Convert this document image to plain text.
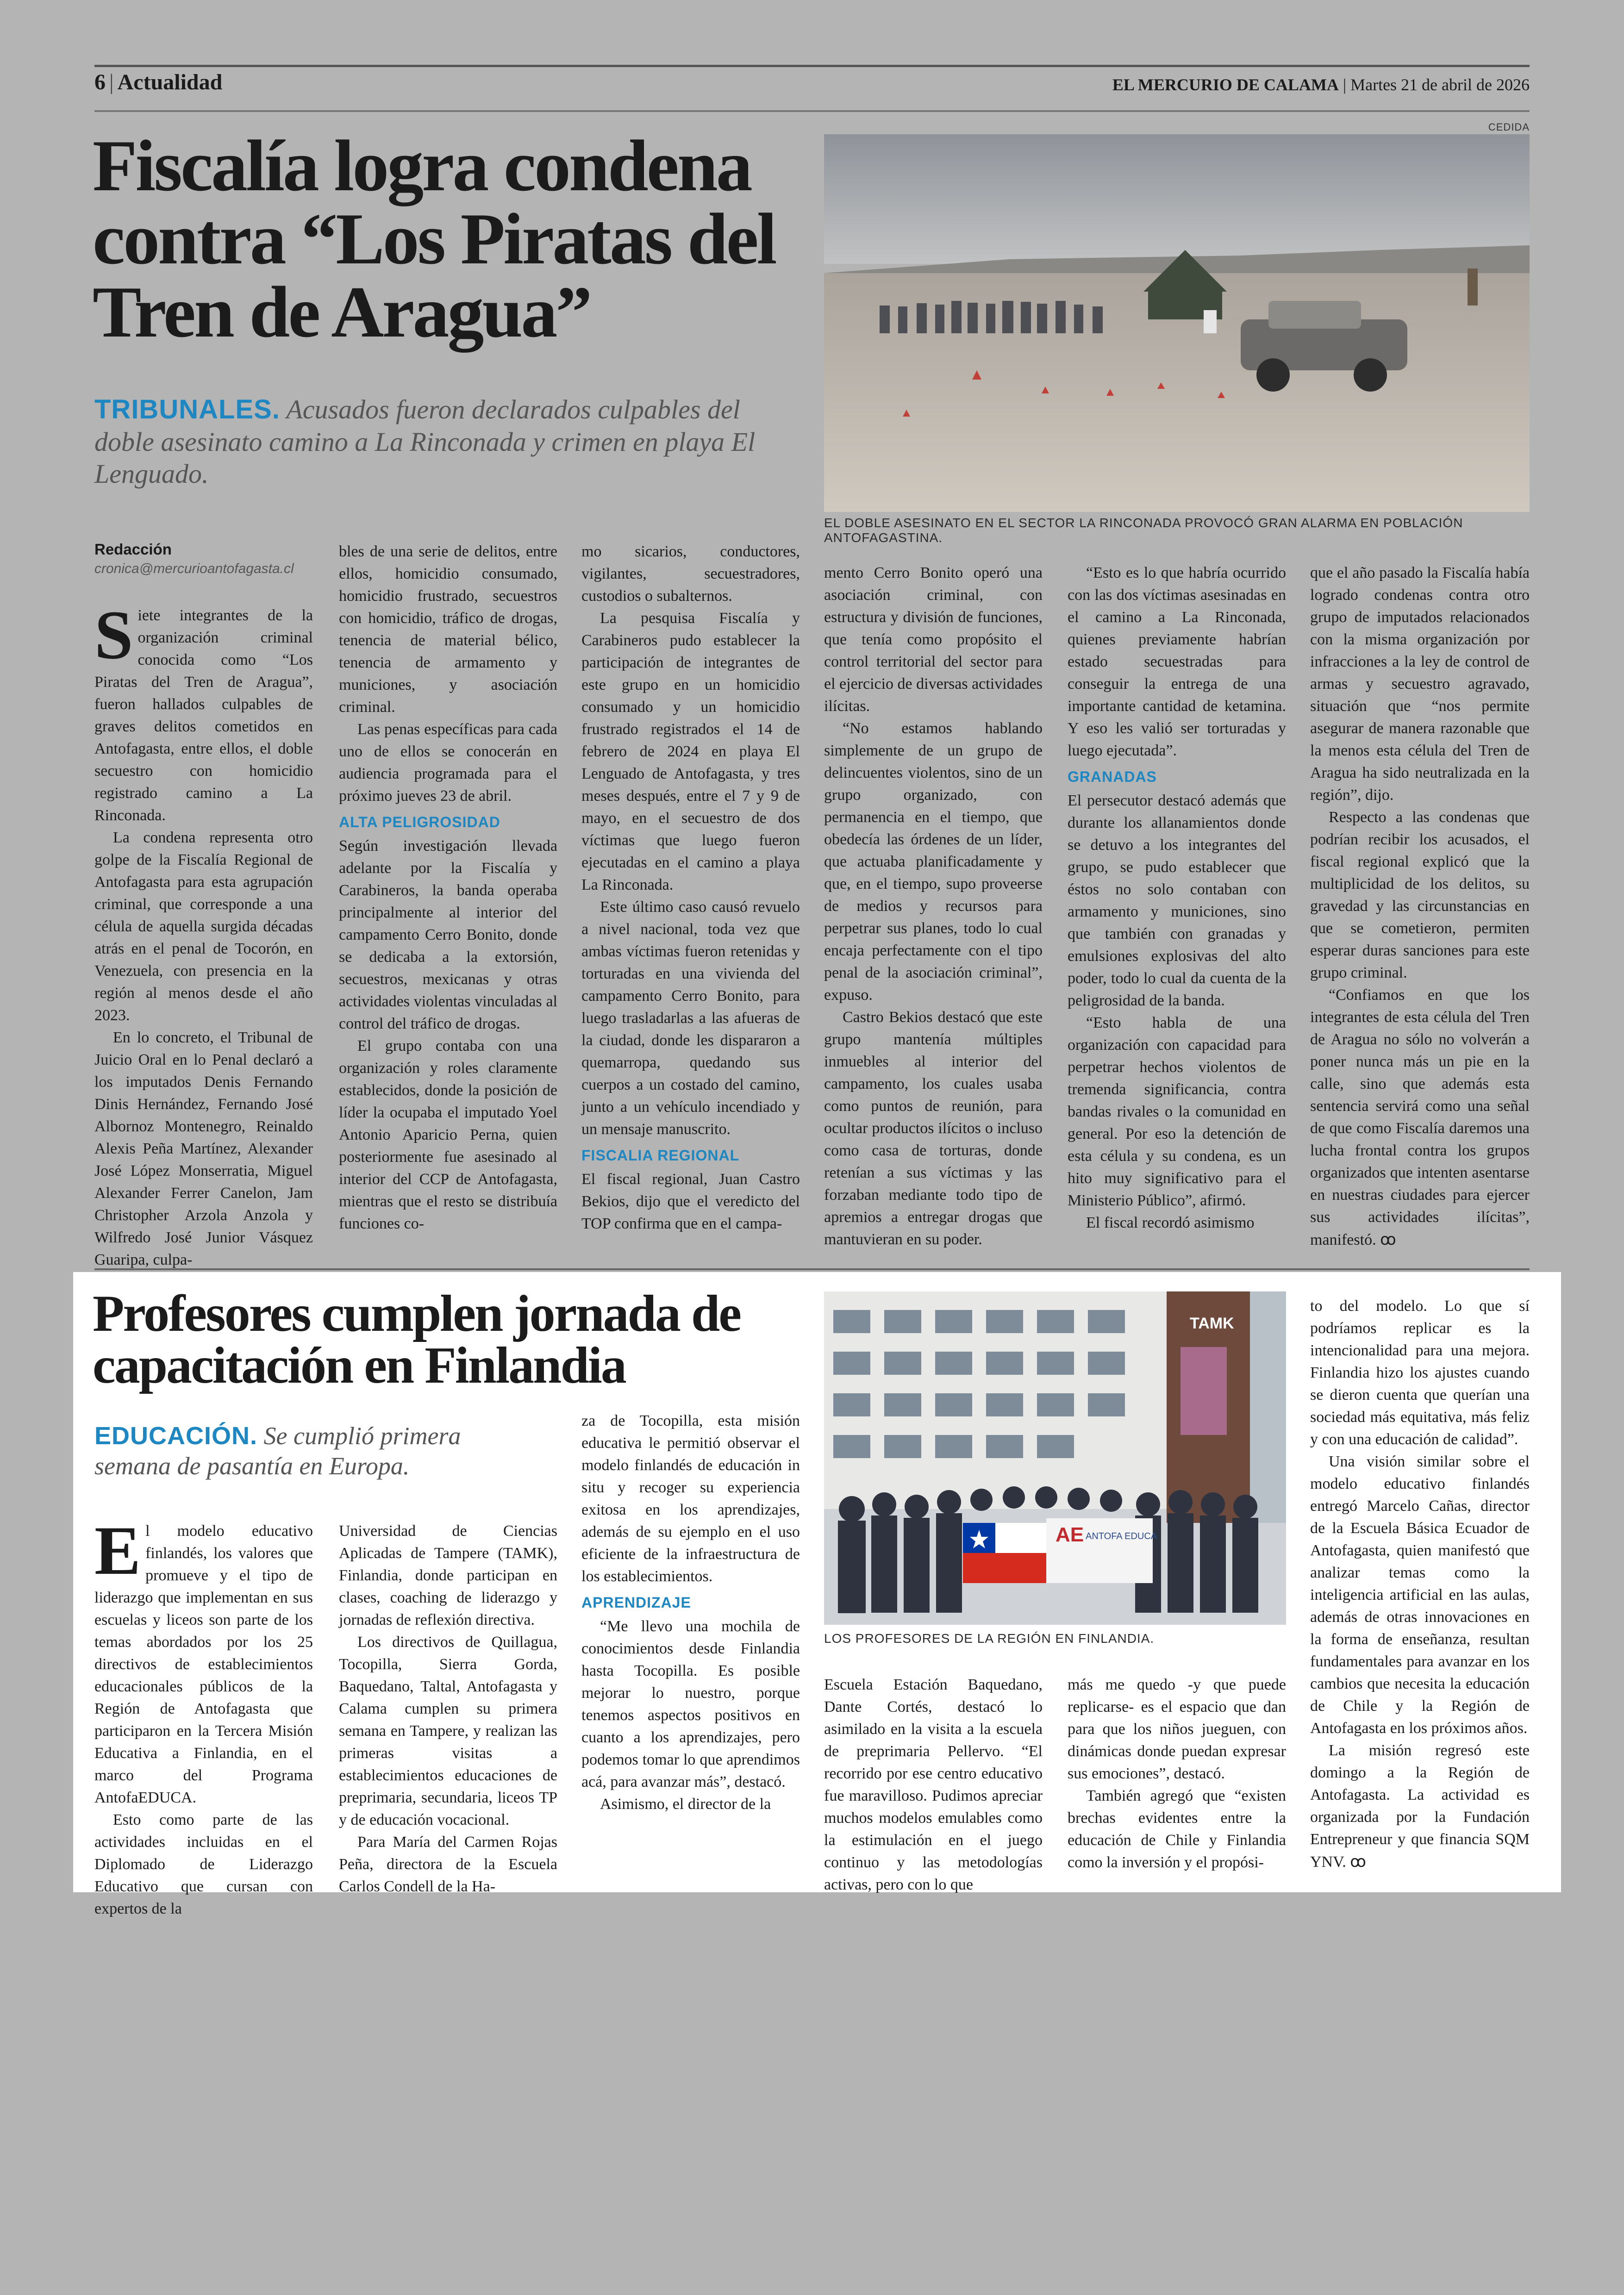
6 | Actualidad	EL MERCURIO DE CALAMA | Martes 21 de abril de 2026
Fiscalía logra condena contra “Los Piratas del Tren de Aragua”
TRIBUNALES. Acusados fueron declarados culpables del doble asesinato camino a La Rinconada y crimen en playa El Lenguado.
CEDIDA
EL DOBLE ASESINATO EN EL SECTOR LA RINCONADA PROVOCÓ GRAN ALARMA EN POBLACIÓN ANTOFAGASTINA.
Redacción
cronica@mercurioantofagasta.cl

Siete integrantes de la organización criminal conocida como “Los Piratas del Tren de Aragua”, fueron hallados culpables de graves delitos cometidos en Antofagasta, entre ellos, el doble secuestro con homicidio registrado camino a La Rinconada.

La condena representa otro golpe de la Fiscalía Regional de Antofagasta para esta agrupación criminal, que corresponde a una célula de aquella surgida décadas atrás en el penal de Tocorón, en Venezuela, con presencia en la región al menos desde el año 2023.

En lo concreto, el Tribunal de Juicio Oral en lo Penal declaró a los imputados Denis Fernando Dinis Hernández, Fernando José Albornoz Montenegro, Reinaldo Alexis Peña Martínez, Alexander José López Monserratia, Miguel Alexander Ferrer Canelon, Jam Christopher Arzola Anzola y Wilfredo José Junior Vásquez Guaripa, culpa-

bles de una serie de delitos, entre ellos, homicidio consumado, homicidio frustrado, secuestros con homicidio, tráfico de drogas, tenencia de material bélico, tenencia de armamento y municiones, y asociación criminal.

Las penas específicas para cada uno de ellos se conocerán en audiencia programada para el próximo jueves 23 de abril.

ALTA PELIGROSIDAD

Según investigación llevada adelante por la Fiscalía y Carabineros, la banda operaba principalmente al interior del campamento Cerro Bonito, donde se dedicaba a la extorsión, secuestros, mexicanas y otras actividades violentas vinculadas al control del tráfico de drogas.

El grupo contaba con una organización y roles claramente establecidos, donde la posición de líder la ocupaba el imputado Yoel Antonio Aparicio Perna, quien posteriormente fue asesinado al interior del CCP de Antofagasta, mientras que el resto se distribuía funciones co-

mo sicarios, conductores, vigilantes, secuestradores, custodios o subalternos.

La pesquisa Fiscalía y Carabineros pudo establecer la participación de integrantes de este grupo en un homicidio consumado y un homicidio frustrado registrados el 14 de febrero de 2024 en playa El Lenguado de Antofagasta, y tres meses después, entre el 7 y 9 de mayo, en el secuestro de dos víctimas que luego fueron ejecutadas en el camino a playa La Rinconada.

Este último caso causó revuelo a nivel nacional, toda vez que ambas víctimas fueron retenidas y torturadas en una vivienda del campamento Cerro Bonito, para luego trasladarlas a las afueras de la ciudad, donde les dispararon a quemarropa, quedando sus cuerpos a un costado del camino, junto a un vehículo incendiado y un mensaje manuscrito.

FISCALIA REGIONAL

El fiscal regional, Juan Castro Bekios, dijo que el veredicto del TOP confirma que en el campa-

mento Cerro Bonito operó una asociación criminal, con estructura y división de funciones, que tenía como propósito el control territorial del sector para el ejercicio de diversas actividades ilícitas.

“No estamos hablando simplemente de un grupo de delincuentes violentos, sino de un grupo organizado, con permanencia en el tiempo, que obedecía las órdenes de un líder, que actuaba planificadamente y que, en el tiempo, supo proveerse de medios y recursos para perpetrar sus planes, todo lo cual encaja perfectamente con el tipo penal de la asociación criminal”, expuso.

Castro Bekios destacó que este grupo mantenía múltiples inmuebles al interior del campamento, los cuales usaba como puntos de reunión, para ocultar productos ilícitos o incluso como casa de torturas, donde retenían a sus víctimas y las forzaban mediante todo tipo de apremios a entregar drogas que mantuvieran en su poder.

“Esto es lo que habría ocurrido con las dos víctimas asesinadas en el camino a La Rinconada, quienes previamente habrían estado secuestradas para conseguir la entrega de una importante cantidad de ketamina. Y eso les valió ser torturadas y luego ejecutada”.

GRANADAS

El persecutor destacó además que durante los allanamientos donde se detuvo a los integrantes del grupo, se pudo establecer que éstos no solo contaban con armamento y municiones, sino que también con granadas y emulsiones explosivas del alto poder, todo lo cual da cuenta de la peligrosidad de la banda.

“Esto habla de una organización con capacidad para perpetrar hechos violentos de tremenda significancia, contra bandas rivales o la comunidad en general. Por eso la detención de esta célula y su condena, es un hito muy significativo para el Ministerio Público”, afirmó.

El fiscal recordó asimismo

que el año pasado la Fiscalía había logrado condenas contra otro grupo de imputados relacionados con la misma organización por infracciones a la ley de control de armas y secuestro agravado, situación que “nos permite asegurar de manera razonable que la menos esta célula del Tren de Aragua ha sido neutralizada en la región”, dijo.

Respecto a las condenas que podrían recibir los acusados, el fiscal regional explicó que la multiplicidad de los delitos, su gravedad y las circunstancias en que se cometieron, permiten esperar duras sanciones para este grupo criminal.

“Confiamos en que los integrantes de esta célula del Tren de Aragua no sólo no volverán a poner nunca más un pie en la calle, sino que además esta sentencia servirá como una señal de que como Fiscalía daremos una lucha frontal contra los grupos organizados que intenten asentarse en nuestras ciudades para ejercer sus actividades ilícitas”, manifestó. ꝏ

Profesores cumplen jornada de capacitación en Finlandia
EDUCACIÓN. Se cumplió primera semana de pasantía en Europa.
TAMK
AE ANTOFA EDUCA
LOS PROFESORES DE LA REGIÓN EN FINLANDIA.

El modelo educativo finlandés, los valores que promueve y el tipo de liderazgo que implementan en sus escuelas y liceos son parte de los temas abordados por los 25 directivos de establecimientos educacionales públicos de la Región de Antofagasta que participaron en la Tercera Misión Educativa a Finlandia, en el marco del Programa AntofaEDUCA.

Esto como parte de las actividades incluidas en el Diplomado de Liderazgo Educativo que cursan con expertos de la

Universidad de Ciencias Aplicadas de Tampere (TAMK), Finlandia, donde participan en clases, coaching de liderazgo y jornadas de reflexión directiva.

Los directivos de Quillagua, Tocopilla, Sierra Gorda, Baquedano, Taltal, Antofagasta y Calama cumplen su primera semana en Tampere, y realizan las primeras visitas a establecimientos educaciones de preprimaria, secundaria, liceos TP y de educación vocacional.

Para María del Carmen Rojas Peña, directora de la Escuela Carlos Condell de la Ha-

za de Tocopilla, esta misión educativa le permitió observar el modelo finlandés de educación in situ y recoger su experiencia exitosa en los aprendizajes, además de su ejemplo en el uso eficiente de la infraestructura de los establecimientos.

APRENDIZAJE

“Me llevo una mochila de conocimientos desde Finlandia hasta Tocopilla. Es posible mejorar lo nuestro, porque tenemos aspectos positivos en cuanto a los aprendizajes, pero podemos tomar lo que aprendimos acá, para avanzar más”, destacó.

Asimismo, el director de la

Escuela Estación Baquedano, Dante Cortés, destacó lo asimilado en la visita a la escuela de preprimaria Pellervo. “El recorrido por ese centro educativo fue maravilloso. Pudimos apreciar muchos modelos emulables como la estimulación en el juego continuo y las metodologías activas, pero con lo que

más me quedo -y que puede replicarse- es el espacio que dan para que los niños jueguen, con dinámicas donde puedan expresar sus emociones”, destacó.

También agregó que “existen brechas evidentes entre la educación de Chile y Finlandia como la inversión y el propósi-

to del modelo. Lo que sí podríamos replicar es la intencionalidad para una mejora. Finlandia hizo los ajustes cuando se dieron cuenta que querían una sociedad más equitativa, más feliz y con una educación de calidad”.

Una visión similar sobre el modelo educativo finlandés entregó Marcelo Cañas, director de la Escuela Básica Ecuador de Antofagasta, quien manifestó que analizar temas como la inteligencia artificial en las aulas, además de otras innovaciones en la forma de enseñanza, resultan fundamentales para avanzar en los cambios que necesita la educación de Chile y la Región de Antofagasta en los próximos años.

La misión regresó este domingo a la Región de Antofagasta. La actividad es organizada por la Fundación Entrepreneur y que financia SQM YNV. ꝏ
